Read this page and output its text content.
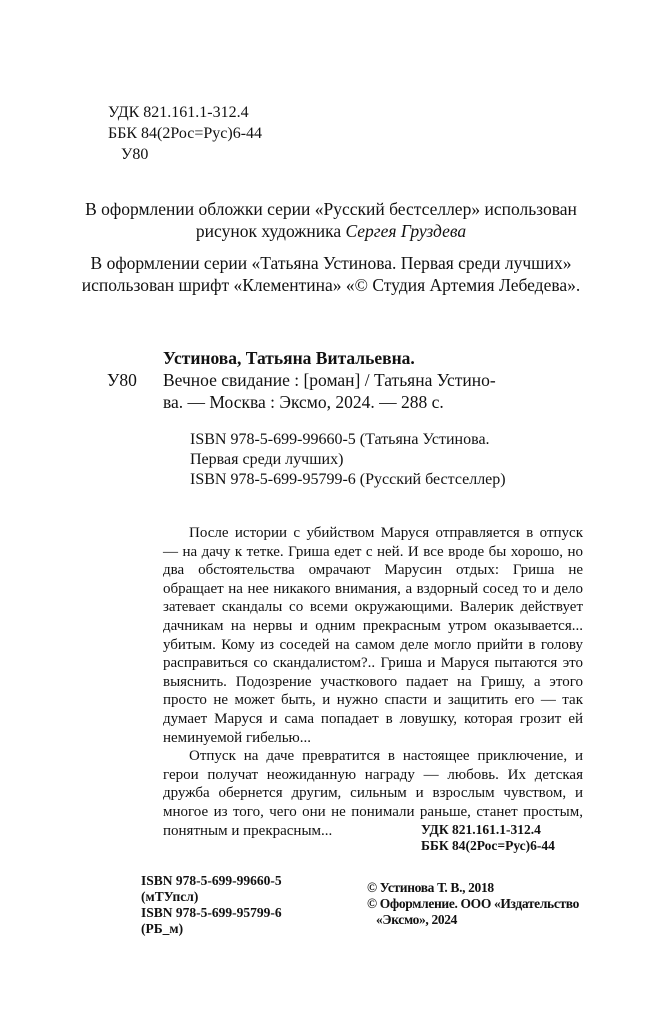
УДК 821.161.1-312.4
ББК 84(2Рос=Рус)6-44
У80
В оформлении обложки серии «Русский бестселлер» использован рисунок художника Сергея Груздева
В оформлении серии «Татьяна Устинова. Первая среди лучших» использован шрифт «Клементина» «© Студия Артемия Лебедева».
Устинова, Татьяна Витальевна.
У80 Вечное свидание : [роман] / Татьяна Устино-
ва. — Москва : Эксмо, 2024. — 288 с.
ISBN 978-5-699-99660-5 (Татьяна Устинова.
Первая среди лучших)
ISBN 978-5-699-95799-6 (Русский бестселлер)

После истории с убийством Маруся отправляется в отпуск — на дачу к тетке. Гриша едет с ней. И все вроде бы хорошо, но два обстоятельства омрачают Марусин отдых: Гриша не обращает на нее никакого внимания, а вздорный сосед то и дело затевает скандалы со всеми окружающими. Валерик действует дачникам на нервы и одним прекрасным утром оказывается... убитым. Кому из соседей на самом деле могло прийти в голову расправиться со скандалистом?.. Гриша и Маруся пытаются это выяснить. Подозрение участкового падает на Гришу, а этого просто не может быть, и нужно спасти и защитить его — так думает Маруся и сама попадает в ловушку, которая грозит ей неминуемой гибелью...

Отпуск на даче превратится в настоящее приключение, и герои получат неожиданную награду — любовь. Их детская дружба обернется другим, сильным и взрослым чувством, и многое из того, чего они не понимали раньше, станет простым, понятным и прекрасным...	УДК 821.161.1-312.4
ББК 84(2Рос=Рус)6-44
ISBN 978-5-699-99660-5
(мТУпсл)
ISBN 978-5-699-95799-6
(РБ_м)
© Устинова Т. В., 2018
© Оформление. ООО «Издательство
«Эксмо», 2024
